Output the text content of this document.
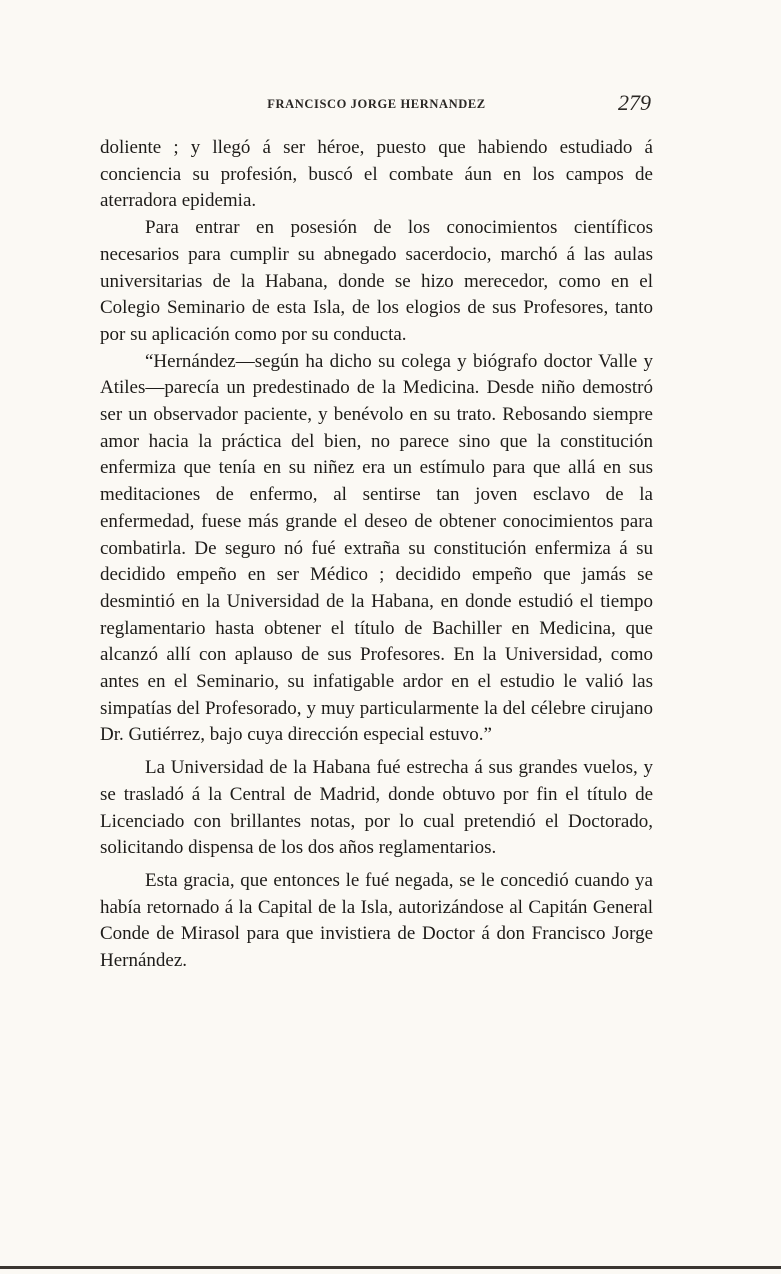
FRANCISCO JORGE HERNANDEZ	279

doliente ; y llegó á ser héroe, puesto que habiendo estudiado á conciencia su profesión, buscó el combate áun en los campos de aterradora epidemia.

Para entrar en posesión de los conocimientos científicos necesarios para cumplir su abnegado sacerdocio, marchó á las aulas universitarias de la Habana, donde se hizo merecedor, como en el Colegio Seminario de esta Isla, de los elogios de sus Profesores, tanto por su aplicación como por su conducta.

“Hernández—según ha dicho su colega y biógrafo doctor Valle y Atiles—parecía un predestinado de la Medicina. Desde niño demostró ser un observador paciente, y benévolo en su trato. Rebosando siempre amor hacia la práctica del bien, no parece sino que la constitución enfermiza que tenía en su niñez era un estímulo para que allá en sus meditaciones de enfermo, al sentirse tan joven esclavo de la enfermedad, fuese más grande el deseo de obtener conocimientos para combatirla. De seguro nó fué extraña su constitución enfermiza á su decidido empeño en ser Médico ; decidido empeño que jamás se desmintió en la Universidad de la Habana, en donde estudió el tiempo reglamentario hasta obtener el título de Bachiller en Medicina, que alcanzó allí con aplauso de sus Profesores. En la Universidad, como antes en el Seminario, su infatigable ardor en el estudio le valió las simpatías del Profesorado, y muy particularmente la del célebre cirujano Dr. Gutiérrez, bajo cuya dirección especial estuvo.”

La Universidad de la Habana fué estrecha á sus grandes vuelos, y se trasladó á la Central de Madrid, donde obtuvo por fin el título de Licenciado con brillantes notas, por lo cual pretendió el Doctorado, solicitando dispensa de los dos años reglamentarios.

Esta gracia, que entonces le fué negada, se le concedió cuando ya había retornado á la Capital de la Isla, autorizándose al Capitán General Conde de Mirasol para que invistiera de Doctor á don Francisco Jorge Hernández.
